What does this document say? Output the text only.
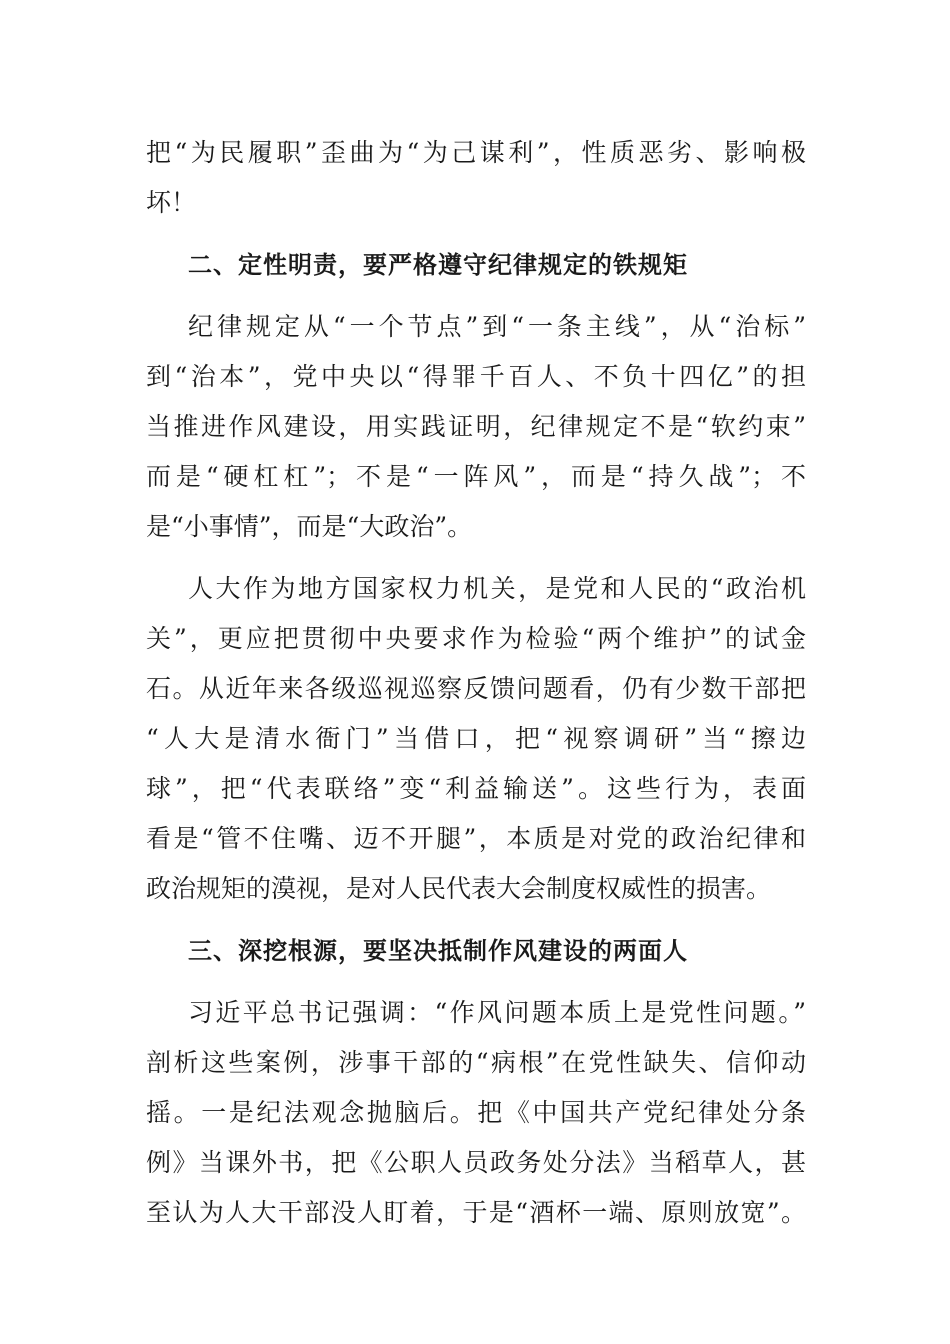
把“为民履职”歪曲为“为己谋利”，性质恶劣、影响极
坏！
二、定性明责，要严格遵守纪律规定的铁规矩
纪律规定从“一个节点”到“一条主线”，从“治标”
到“治本”，党中央以“得罪千百人、不负十四亿”的担
当推进作风建设，用实践证明，纪律规定不是“软约束”
而是“硬杠杠”；不是“一阵风”，而是“持久战”；不
是“小事情”，而是“大政治”。
人大作为地方国家权力机关，是党和人民的“政治机
关”，更应把贯彻中央要求作为检验“两个维护”的试金
石。从近年来各级巡视巡察反馈问题看，仍有少数干部把
“人大是清水衙门”当借口，把“视察调研”当“擦边
球”，把“代表联络”变“利益输送”。这些行为，表面
看是“管不住嘴、迈不开腿”，本质是对党的政治纪律和
政治规矩的漠视，是对人民代表大会制度权威性的损害。
三、深挖根源，要坚决抵制作风建设的两面人
习近平总书记强调：“作风问题本质上是党性问题。”
剖析这些案例，涉事干部的“病根”在党性缺失、信仰动
摇。一是纪法观念抛脑后。把《中国共产党纪律处分条
例》当课外书，把《公职人员政务处分法》当稻草人，甚
至认为人大干部没人盯着，于是“酒杯一端、原则放宽”。
